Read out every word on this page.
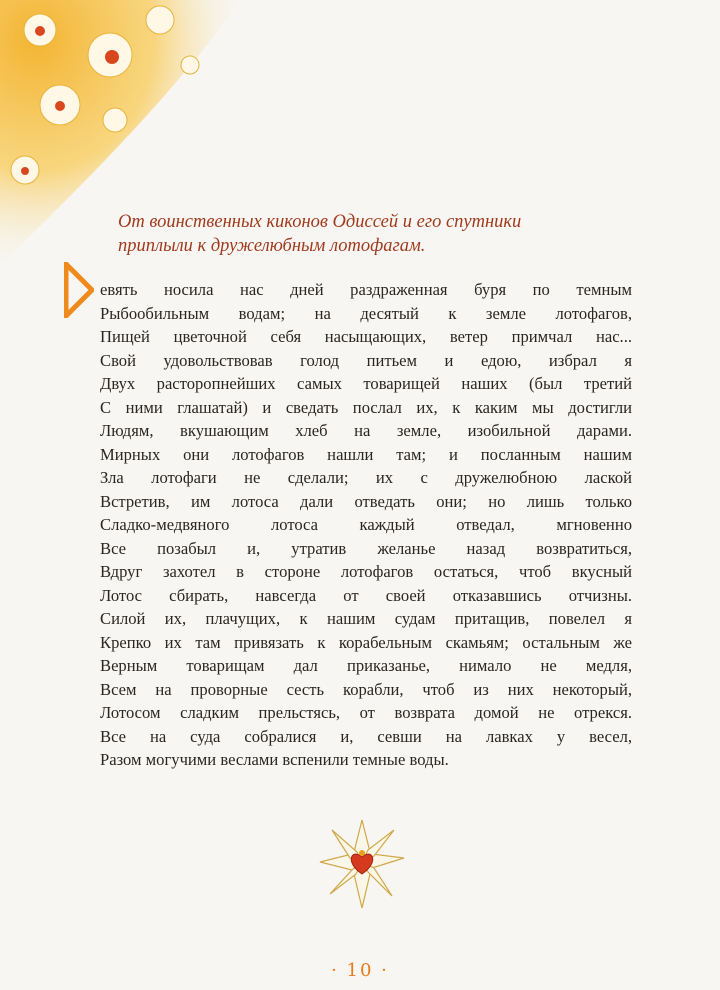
От воинственных киконов Одиссей и его спутники приплыли к дружелюбным лотофагам.
евять носила нас дней раздраженная буря по темным
Рыбообильным водам; на десятый к земле лотофагов,
Пищей цветочной себя насыщающих, ветер примчал нас...
Свой удовольствовав голод питьем и едою, избрал я
Двух расторопнейших самых товарищей наших (был третий
С ними глашатай) и сведать послал их, к каким мы достигли
Людям, вкушающим хлеб на земле, изобильной дарами.
Мирных они лотофагов нашли там; и посланным нашим
Зла лотофаги не сделали; их с дружелюбною лаской
Встретив, им лотоса дали отведать они; но лишь только
Сладко-медвяного лотоса каждый отведал, мгновенно
Все позабыл и, утратив желанье назад возвратиться,
Вдруг захотел в стороне лотофагов остаться, чтоб вкусный
Лотос сбирать, навсегда от своей отказавшись отчизны.
Силой их, плачущих, к нашим судам притащив, повелел я
Крепко их там привязать к корабельным скамьям; остальным же
Верным товарищам дал приказанье, нимало не медля,
Всем на проворные сесть корабли, чтоб из них некоторый,
Лотосом сладким прельстясь, от возврата домой не отрекся.
Все на суда собралися и, севши на лавках у весел,
Разом могучими веслами вспенили темные воды.
· 10 ·
